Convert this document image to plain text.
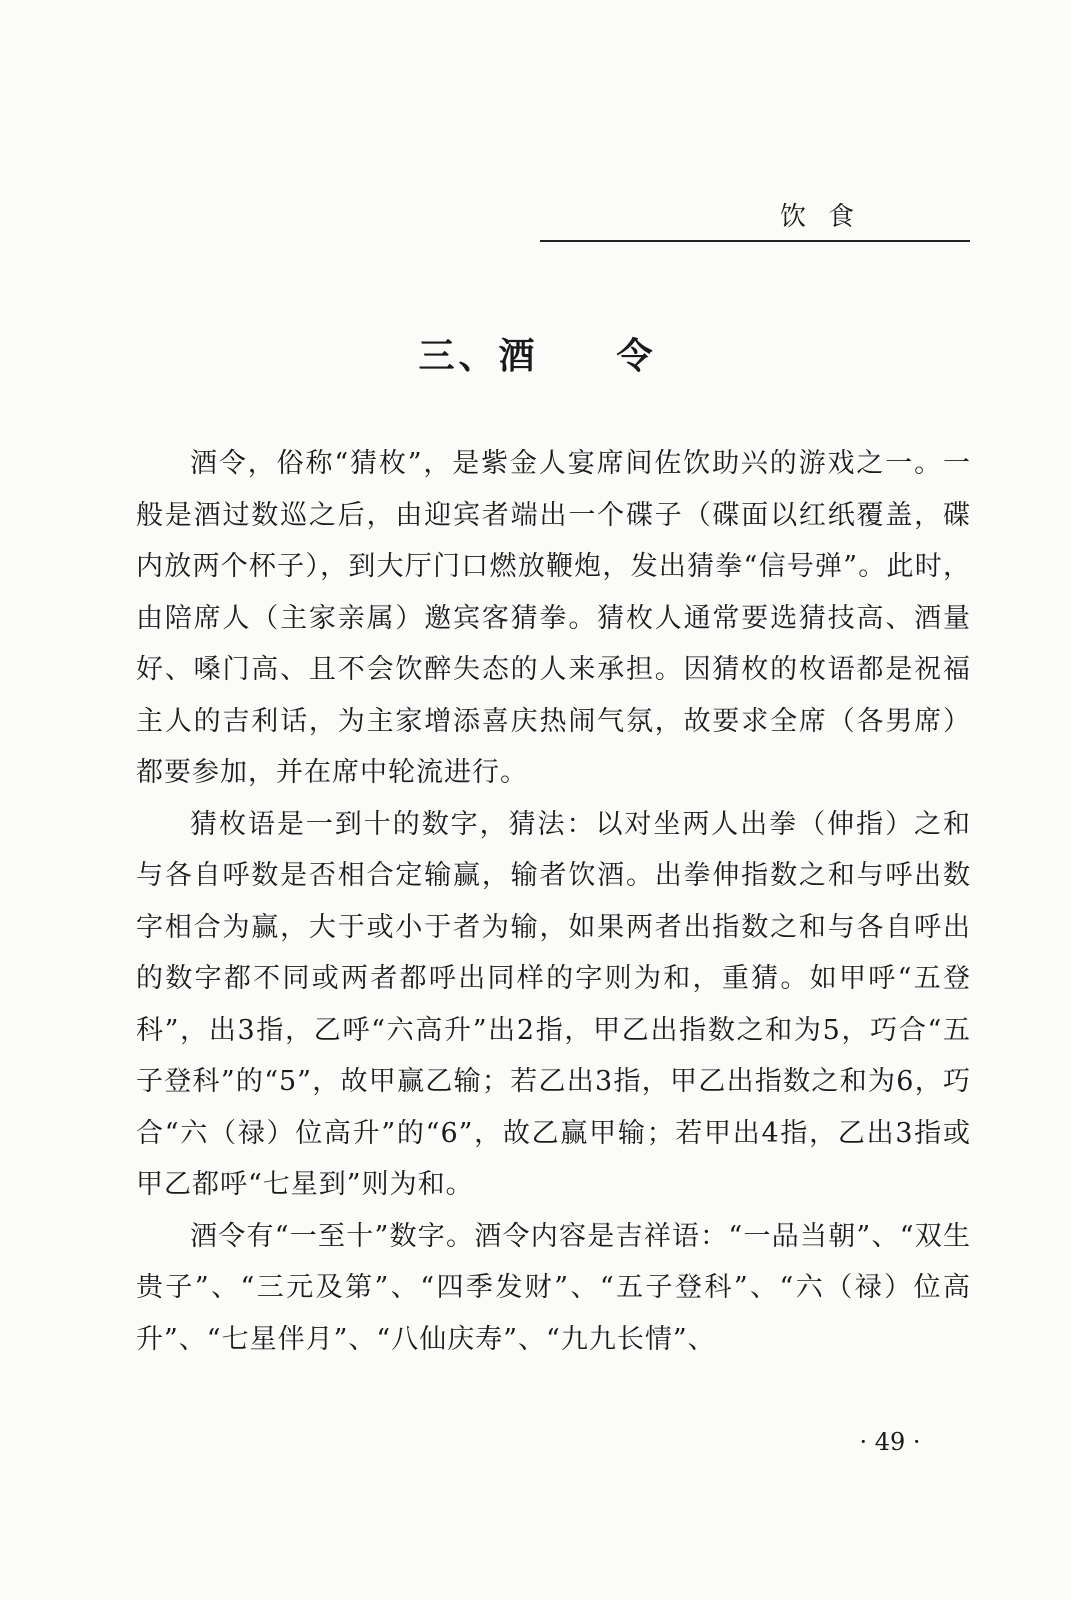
饮食
三、酒 令

酒令，俗称“猜枚”，是紫金人宴席间佐饮助兴的游戏之一。一般是酒过数巡之后，由迎宾者端出一个碟子（碟面以红纸覆盖，碟内放两个杯子），到大厅门口燃放鞭炮，发出猜拳“信号弹”。此时，由陪席人（主家亲属）邀宾客猜拳。猜枚人通常要选猜技高、酒量好、嗓门高、且不会饮醉失态的人来承担。因猜枚的枚语都是祝福主人的吉利话，为主家增添喜庆热闹气氛，故要求全席（各男席）都要参加，并在席中轮流进行。

猜枚语是一到十的数字，猜法：以对坐两人出拳（伸指）之和与各自呼数是否相合定输赢，输者饮酒。出拳伸指数之和与呼出数字相合为赢，大于或小于者为输，如果两者出指数之和与各自呼出的数字都不同或两者都呼出同样的字则为和，重猜。如甲呼“五登科”，出3指，乙呼“六高升”出2指，甲乙出指数之和为5，巧合“五子登科”的“5”，故甲赢乙输；若乙出3指，甲乙出指数之和为6，巧合“六（禄）位高升”的“6”，故乙赢甲输；若甲出4指，乙出3指或甲乙都呼“七星到”则为和。

酒令有“一至十”数字。酒令内容是吉祥语：“一品当朝”、“双生贵子”、“三元及第”、“四季发财”、“五子登科”、“六（禄）位高升”、“七星伴月”、“八仙庆寿”、“九九长情”、

· 49 ·
